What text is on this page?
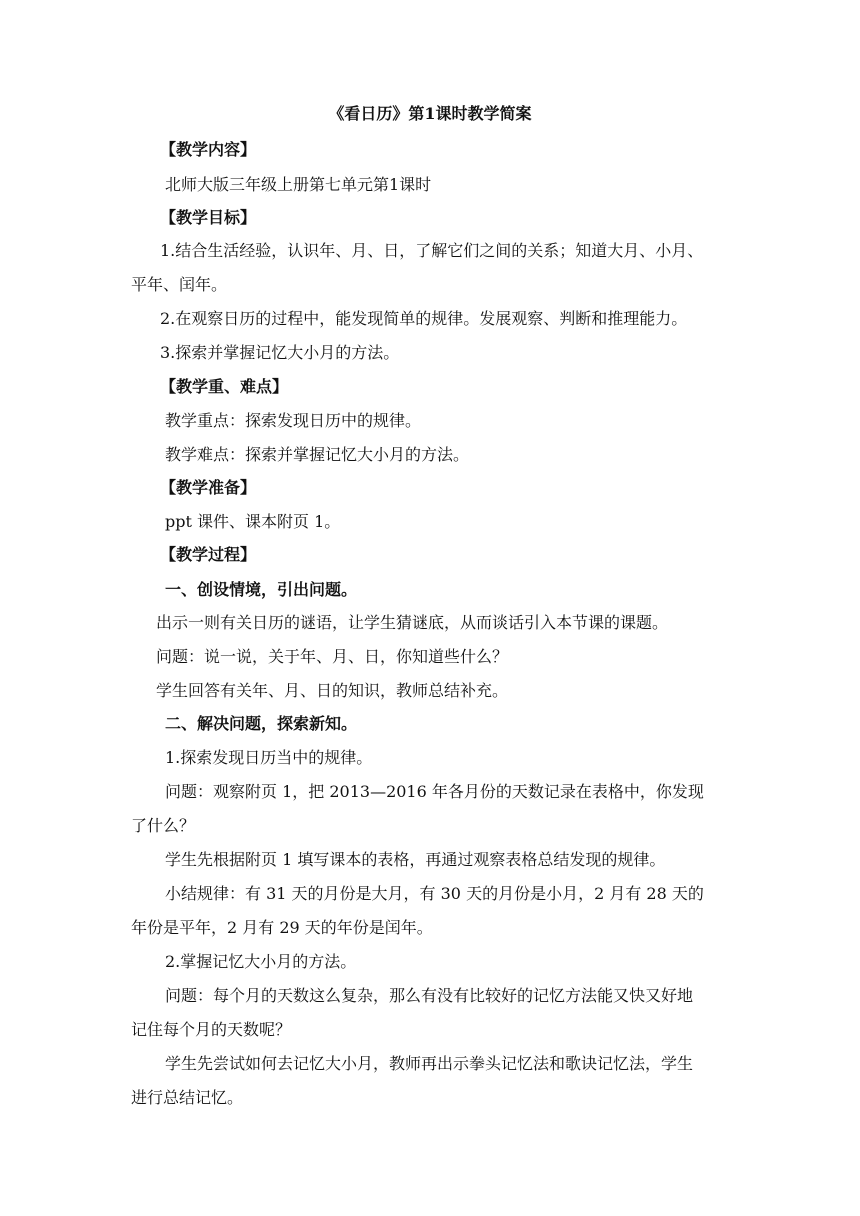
《看日历》第1课时教学简案
【教学内容】
北师大版三年级上册第七单元第1课时
【教学目标】
1.结合生活经验，认识年、月、日，了解它们之间的关系；知道大月、小月、
平年、闰年。
2.在观察日历的过程中，能发现简单的规律。发展观察、判断和推理能力。
3.探索并掌握记忆大小月的方法。
【教学重、难点】
教学重点：探索发现日历中的规律。
教学难点：探索并掌握记忆大小月的方法。
【教学准备】
ppt 课件、课本附页 1。
【教学过程】
一、创设情境，引出问题。
出示一则有关日历的谜语，让学生猜谜底，从而谈话引入本节课的课题。
问题：说一说，关于年、月、日，你知道些什么？
学生回答有关年、月、日的知识，教师总结补充。
二、解决问题，探索新知。
1.探索发现日历当中的规律。
问题：观察附页 1，把 2013—2016 年各月份的天数记录在表格中，你发现
了什么？
学生先根据附页 1 填写课本的表格，再通过观察表格总结发现的规律。
小结规律：有 31 天的月份是大月，有 30 天的月份是小月，2 月有 28 天的
年份是平年，2 月有 29 天的年份是闰年。
2.掌握记忆大小月的方法。
问题：每个月的天数这么复杂，那么有没有比较好的记忆方法能又快又好地
记住每个月的天数呢？
学生先尝试如何去记忆大小月，教师再出示拳头记忆法和歌诀记忆法，学生
进行总结记忆。
